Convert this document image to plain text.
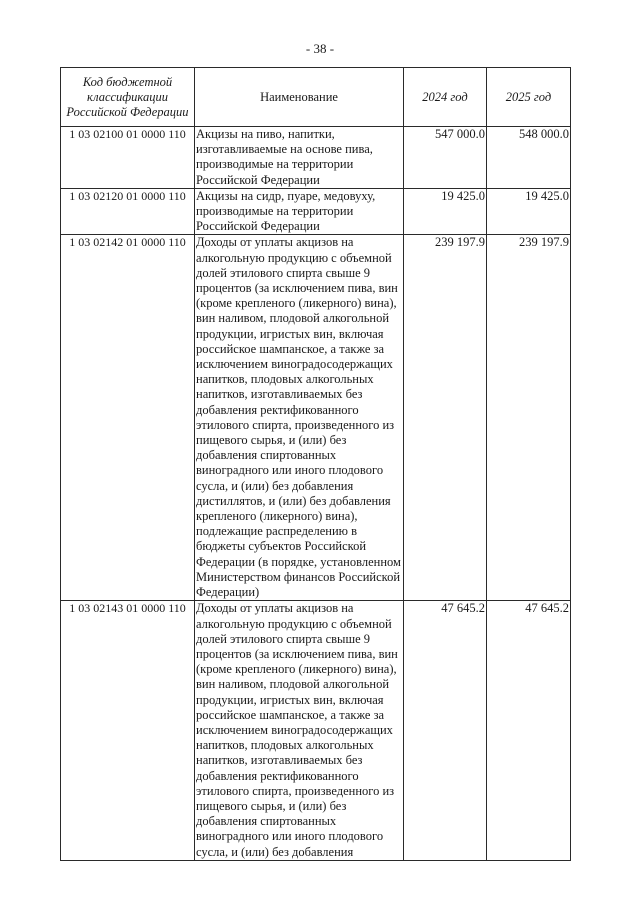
- 38 -
Код бюджетной классификации Российской Федерации	Наименование	2024 год	2025 год
1 03 02100 01 0000 110	Акцизы на пиво, напитки, изготавливаемые на основе пива, производимые на территории Российской Федерации	547 000.0	548 000.0
1 03 02120 01 0000 110	Акцизы на сидр, пуаре, медовуху, производимые на территории Российской Федерации	19 425.0	19 425.0
1 03 02142 01 0000 110	Доходы от уплаты акцизов на алкогольную продукцию с объемной долей этилового спирта свыше 9 процентов (за исключением пива, вин (кроме крепленого (ликерного) вина), вин наливом, плодовой алкогольной продукции, игристых вин, включая российское шампанское, а также за исключением виноградосодержащих напитков, плодовых алкогольных напитков, изготавливаемых без добавления ректификованного этилового спирта, произведенного из пищевого сырья, и (или) без добавления спиртованных виноградного или иного плодового сусла, и (или) без добавления дистиллятов, и (или) без добавления крепленого (ликерного) вина), подлежащие распределению в бюджеты субъектов Российской Федерации (в порядке, установленном Министерством финансов Российской Федерации)	239 197.9	239 197.9
1 03 02143 01 0000 110	Доходы от уплаты акцизов на алкогольную продукцию с объемной долей этилового спирта свыше 9 процентов (за исключением пива, вин (кроме крепленого (ликерного) вина), вин наливом, плодовой алкогольной продукции, игристых вин, включая российское шампанское, а также за исключением виноградосодержащих напитков, плодовых алкогольных напитков, изготавливаемых без добавления ректификованного этилового спирта, произведенного из пищевого сырья, и (или) без добавления спиртованных виноградного или иного плодового сусла, и (или) без добавления	47 645.2	47 645.2
